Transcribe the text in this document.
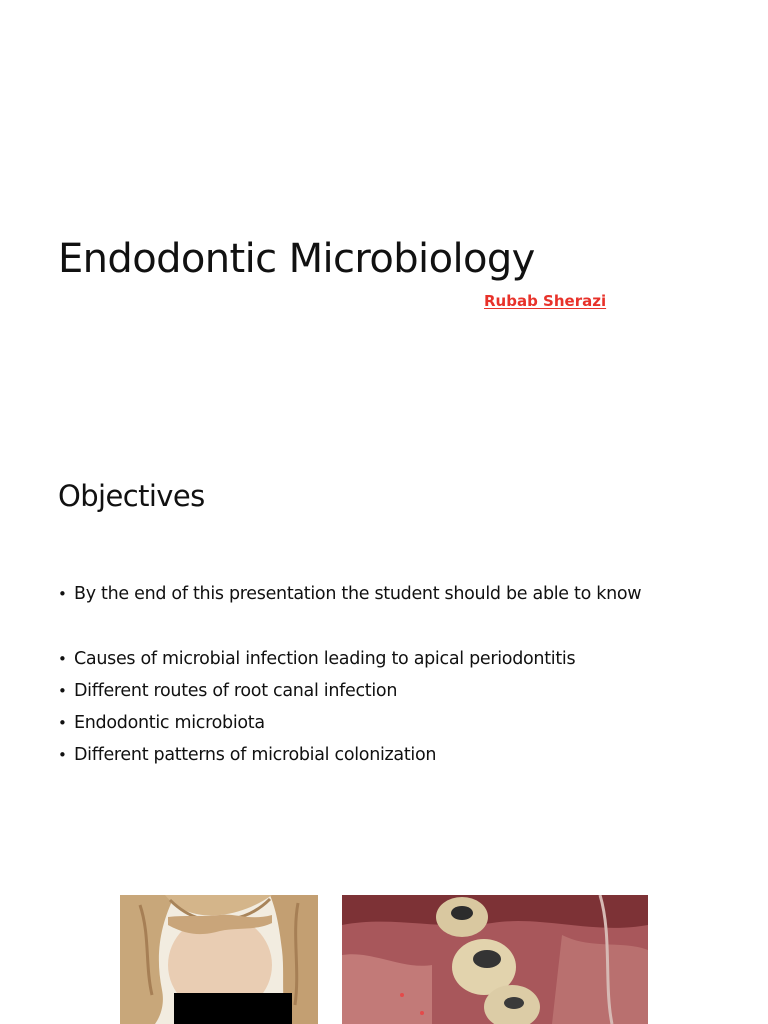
Endodontic Microbiology
Rubab Sherazi
Objectives
• By the end of this presentation the student should be able to know
• Causes of microbial infection leading to apical periodontitis
• Different routes of root canal infection
• Endodontic microbiota
• Different patterns of microbial colonization
